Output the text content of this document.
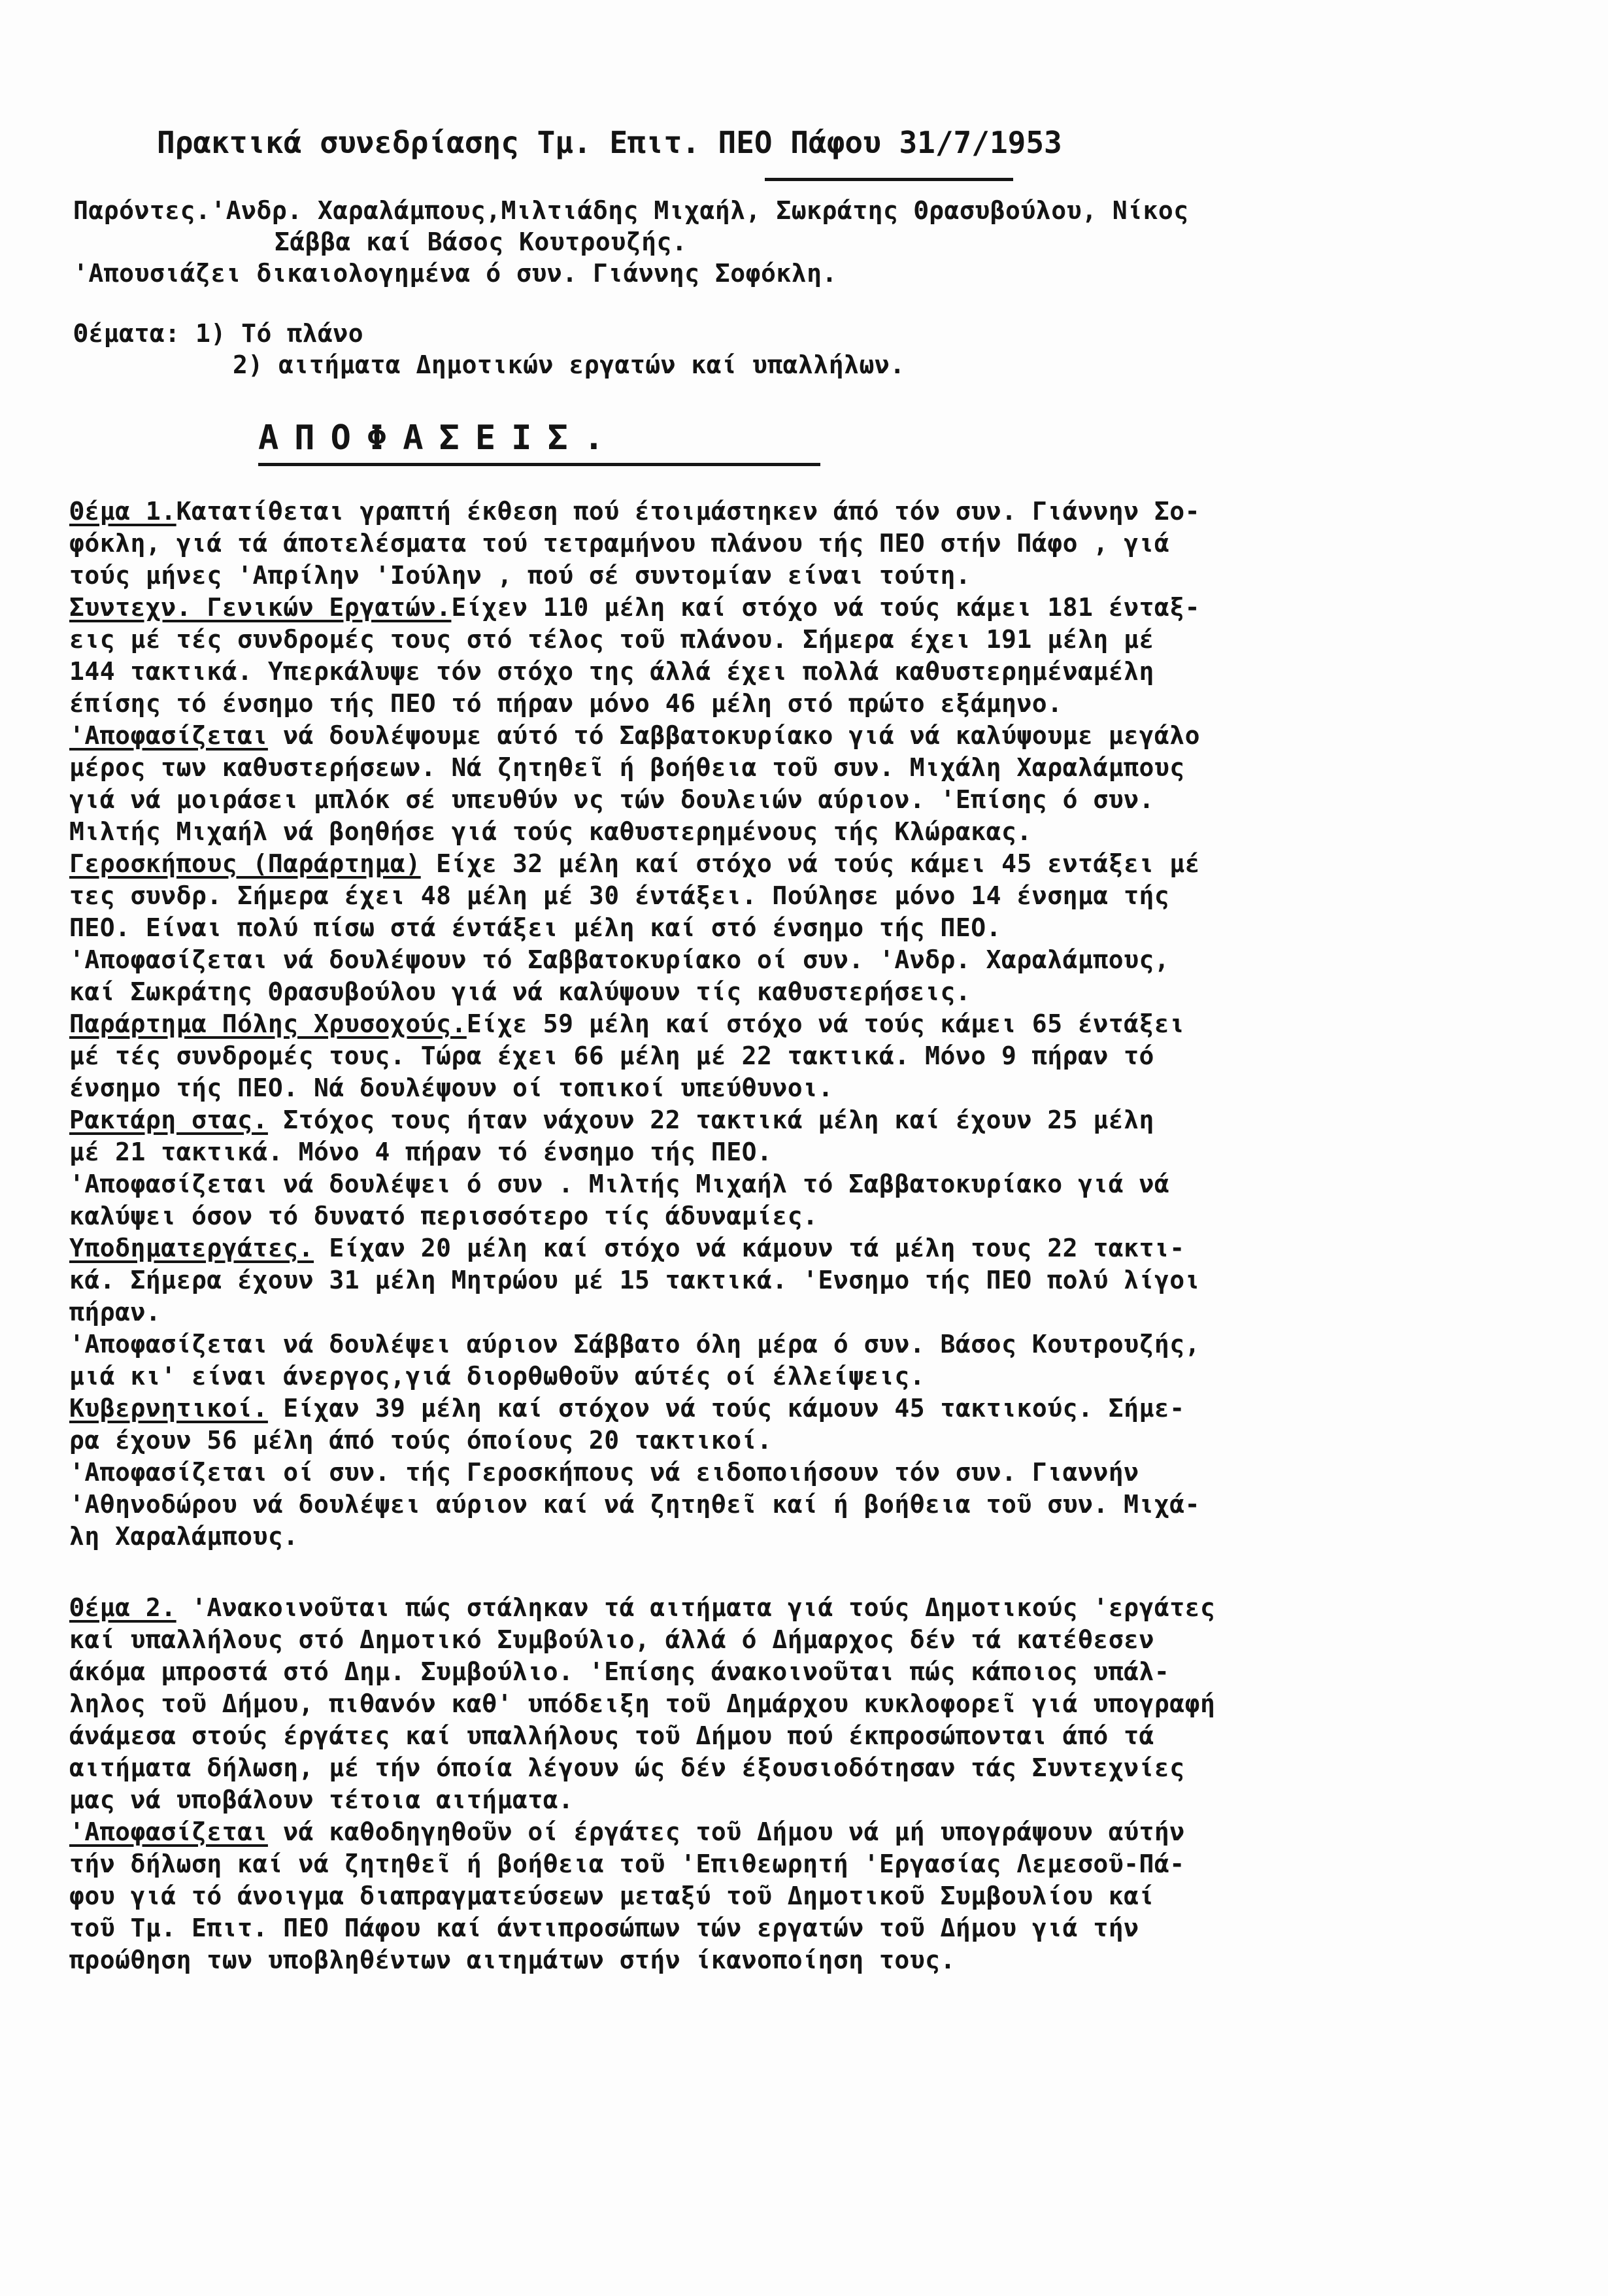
Πρακτικά συνεδρίασης Τμ. Επιτ. ΠΕΟ Πάφου 31/7/1953
Παρόντες.'Ανδρ. Χαραλάμπους,Μιλτιάδης Μιχαήλ, Σωκράτης Θρασυβούλου, Νίκος
Σάββα καί Βάσος Κουτρουζής.
'Απουσιάζει δικαιολογημένα ό συν. Γιάννης Σοφόκλη.
Θέματα: 1) Τό πλάνο
2) αιτήματα Δημοτικών εργατών καί υπαλλήλων.
ΑΠΟΦΑΣΕΙΣ.
Θέμα 1.Κατατίθεται γραπτή έκθεση πού έτοιμάστηκεν άπό τόν συν. Γιάννην Σο-
φόκλη, γιά τά άποτελέσματα τού τετραμήνου πλάνου τής ΠΕΟ στήν Πάφο , γιά
τούς μήνες 'Απρίλην 'Ιούλην , πού σέ συντομίαν είναι τούτη.
Συντεχν. Γενικών Εργατών.Είχεν 110 μέλη καί στόχο νά τούς κάμει 181 ένταξ-
εις μέ τές συνδρομές τους στό τέλος τοῦ πλάνου. Σήμερα έχει 191 μέλη μέ
144 τακτικά. Υπερκάλυψε τόν στόχο της άλλά έχει πολλά καθυστερημέναμέλη
έπίσης τό ένσημο τής ΠΕΟ τό πήραν μόνο 46 μέλη στό πρώτο εξάμηνο.
'Αποφασίζεται νά δουλέψουμε αύτό τό Σαββατοκυρίακο γιά νά καλύψουμε μεγάλο
μέρος των καθυστερήσεων. Νά ζητηθεῖ ή βοήθεια τοῦ συν. Μιχάλη Χαραλάμπους
γιά νά μοιράσει μπλόκ σέ υπευθύν νς τών δουλειών αύριον. 'Επίσης ό συν.
Μιλτής Μιχαήλ νά βοηθήσε γιά τούς καθυστερημένους τής Κλώρακας.
Γεροσκήπους (Παράρτημα) Είχε 32 μέλη καί στόχο νά τούς κάμει 45 εντάξει μέ
τες συνδρ. Σήμερα έχει 48 μέλη μέ 30 έντάξει. Πούλησε μόνο 14 ένσημα τής
ΠΕΟ. Είναι πολύ πίσω στά έντάξει μέλη καί στό ένσημο τής ΠΕΟ.
'Αποφασίζεται νά δουλέψουν τό Σαββατοκυρίακο οί συν. 'Ανδρ. Χαραλάμπους,
καί Σωκράτης Θρασυβούλου γιά νά καλύψουν τίς καθυστερήσεις.
Παράρτημα Πόλης Χρυσοχούς.Είχε 59 μέλη καί στόχο νά τούς κάμει 65 έντάξει
μέ τές συνδρομές τους. Τώρα έχει 66 μέλη μέ 22 τακτικά. Μόνο 9 πήραν τό
ένσημο τής ΠΕΟ. Νά δουλέψουν οί τοπικοί υπεύθυνοι.
Ρακτάρη στας. Στόχος τους ήταν νάχουν 22 τακτικά μέλη καί έχουν 25 μέλη
μέ 21 τακτικά. Μόνο 4 πήραν τό ένσημο τής ΠΕΟ.
'Αποφασίζεται νά δουλέψει ό συν . Μιλτής Μιχαήλ τό Σαββατοκυρίακο γιά νά
καλύψει όσον τό δυνατό περισσότερο τίς άδυναμίες.
Υποδηματεργάτες. Είχαν 20 μέλη καί στόχο νά κάμουν τά μέλη τους 22 τακτι-
κά. Σήμερα έχουν 31 μέλη Μητρώου μέ 15 τακτικά. 'Ενσημο τής ΠΕΟ πολύ λίγοι
πήραν.
'Αποφασίζεται νά δουλέψει αύριον Σάββατο όλη μέρα ό συν. Βάσος Κουτρουζής,
μιά κι' είναι άνεργος,γιά διορθωθοῦν αύτές οί έλλείψεις.
Κυβερνητικοί. Είχαν 39 μέλη καί στόχον νά τούς κάμουν 45 τακτικούς. Σήμε-
ρα έχουν 56 μέλη άπό τούς όποίους 20 τακτικοί.
'Αποφασίζεται οί συν. τής Γεροσκήπους νά ειδοποιήσουν τόν συν. Γιαννήν
'Αθηνοδώρου νά δουλέψει αύριον καί νά ζητηθεῖ καί ή βοήθεια τοῦ συν. Μιχά-
λη Χαραλάμπους.
Θέμα 2. 'Ανακοινοῦται πώς στάληκαν τά αιτήματα γιά τούς Δημοτικούς 'εργάτες
καί υπαλλήλους στό Δημοτικό Συμβούλιο, άλλά ό Δήμαρχος δέν τά κατέθεσεν
άκόμα μπροστά στό Δημ. Συμβούλιο. 'Επίσης άνακοινοῦται πώς κάποιος υπάλ-
ληλος τοῦ Δήμου, πιθανόν καθ' υπόδειξη τοῦ Δημάρχου κυκλοφορεῖ γιά υπογραφή
άνάμεσα στούς έργάτες καί υπαλλήλους τοῦ Δήμου πού έκπροσώπονται άπό τά
αιτήματα δήλωση, μέ τήν όποία λέγουν ώς δέν έξουσιοδότησαν τάς Συντεχνίες
μας νά υποβάλουν τέτοια αιτήματα.
'Αποφασίζεται νά καθοδηγηθοῦν οί έργάτες τοῦ Δήμου νά μή υπογράψουν αύτήν
τήν δήλωση καί νά ζητηθεῖ ή βοήθεια τοῦ 'Επιθεωρητή 'Εργασίας Λεμεσοῦ-Πά-
φου γιά τό άνοιγμα διαπραγματεύσεων μεταξύ τοῦ Δημοτικοῦ Συμβουλίου καί
τοῦ Τμ. Επιτ. ΠΕΟ Πάφου καί άντιπροσώπων τών εργατών τοῦ Δήμου γιά τήν
προώθηση των υποβληθέντων αιτημάτων στήν ίκανοποίηση τους.
